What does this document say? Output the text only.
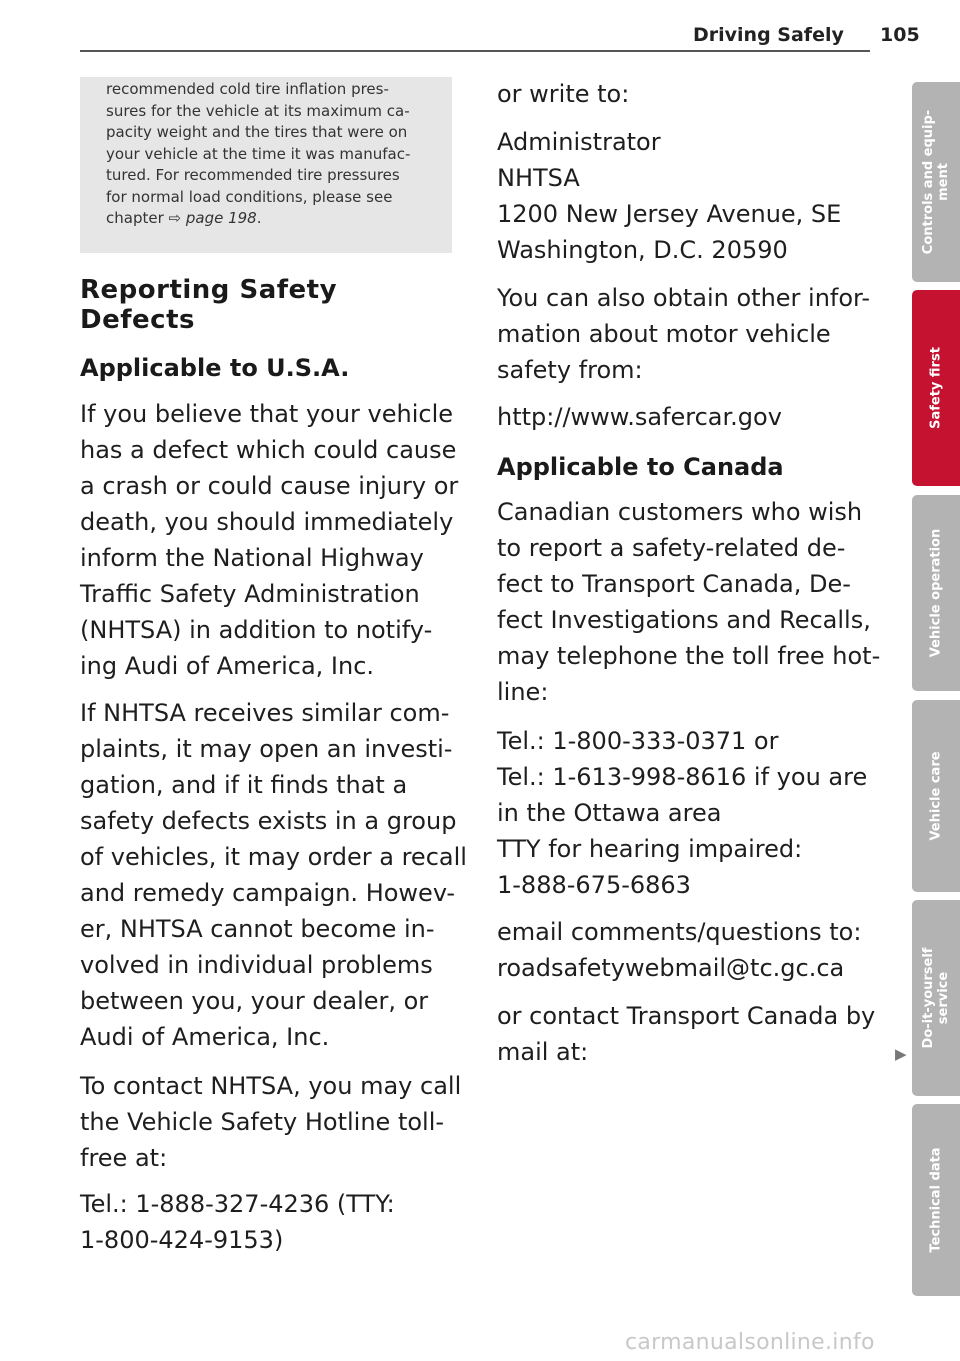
Driving Safely 105

recommended cold tire inflation pres-
sures for the vehicle at its maximum ca-
pacity weight and the tires that were on
your vehicle at the time it was manufac-
tured. For recommended tire pressures
for normal load conditions, please see
chapter ⇨ page 198.

Reporting Safety
Defects
Applicable to U.S.A.
If you believe that your vehicle
has a defect which could cause
a crash or could cause injury or
death, you should immediately
inform the National Highway
Traffic Safety Administration
(NHTSA) in addition to notify-
ing Audi of America, Inc.
If NHTSA receives similar com-
plaints, it may open an investi-
gation, and if it finds that a
safety defects exists in a group
of vehicles, it may order a recall
and remedy campaign. Howev-
er, NHTSA cannot become in-
volved in individual problems
between you, your dealer, or
Audi of America, Inc.
To contact NHTSA, you may call
the Vehicle Safety Hotline toll-
free at:
Tel.: 1-888-327-4236 (TTY:
1-800-424-9153)
or write to:
Administrator
NHTSA
1200 New Jersey Avenue, SE
Washington, D.C. 20590
You can also obtain other infor-
mation about motor vehicle
safety from:
http://www.safercar.gov
Applicable to Canada
Canadian customers who wish
to report a safety-related de-
fect to Transport Canada, De-
fect Investigations and Recalls,
may telephone the toll free hot-
line:
Tel.: 1-800-333-0371 or
Tel.: 1-613-998-8616 if you are
in the Ottawa area
TTY for hearing impaired:
1-888-675-6863
email comments/questions to:
roadsafetywebmail@tc.gc.ca
or contact Transport Canada by
mail at:	▶
Controls and equip- ment
Safety first
Vehicle operation
Vehicle care
Do-it-yourself service
Technical data
carmanualsonline.info
